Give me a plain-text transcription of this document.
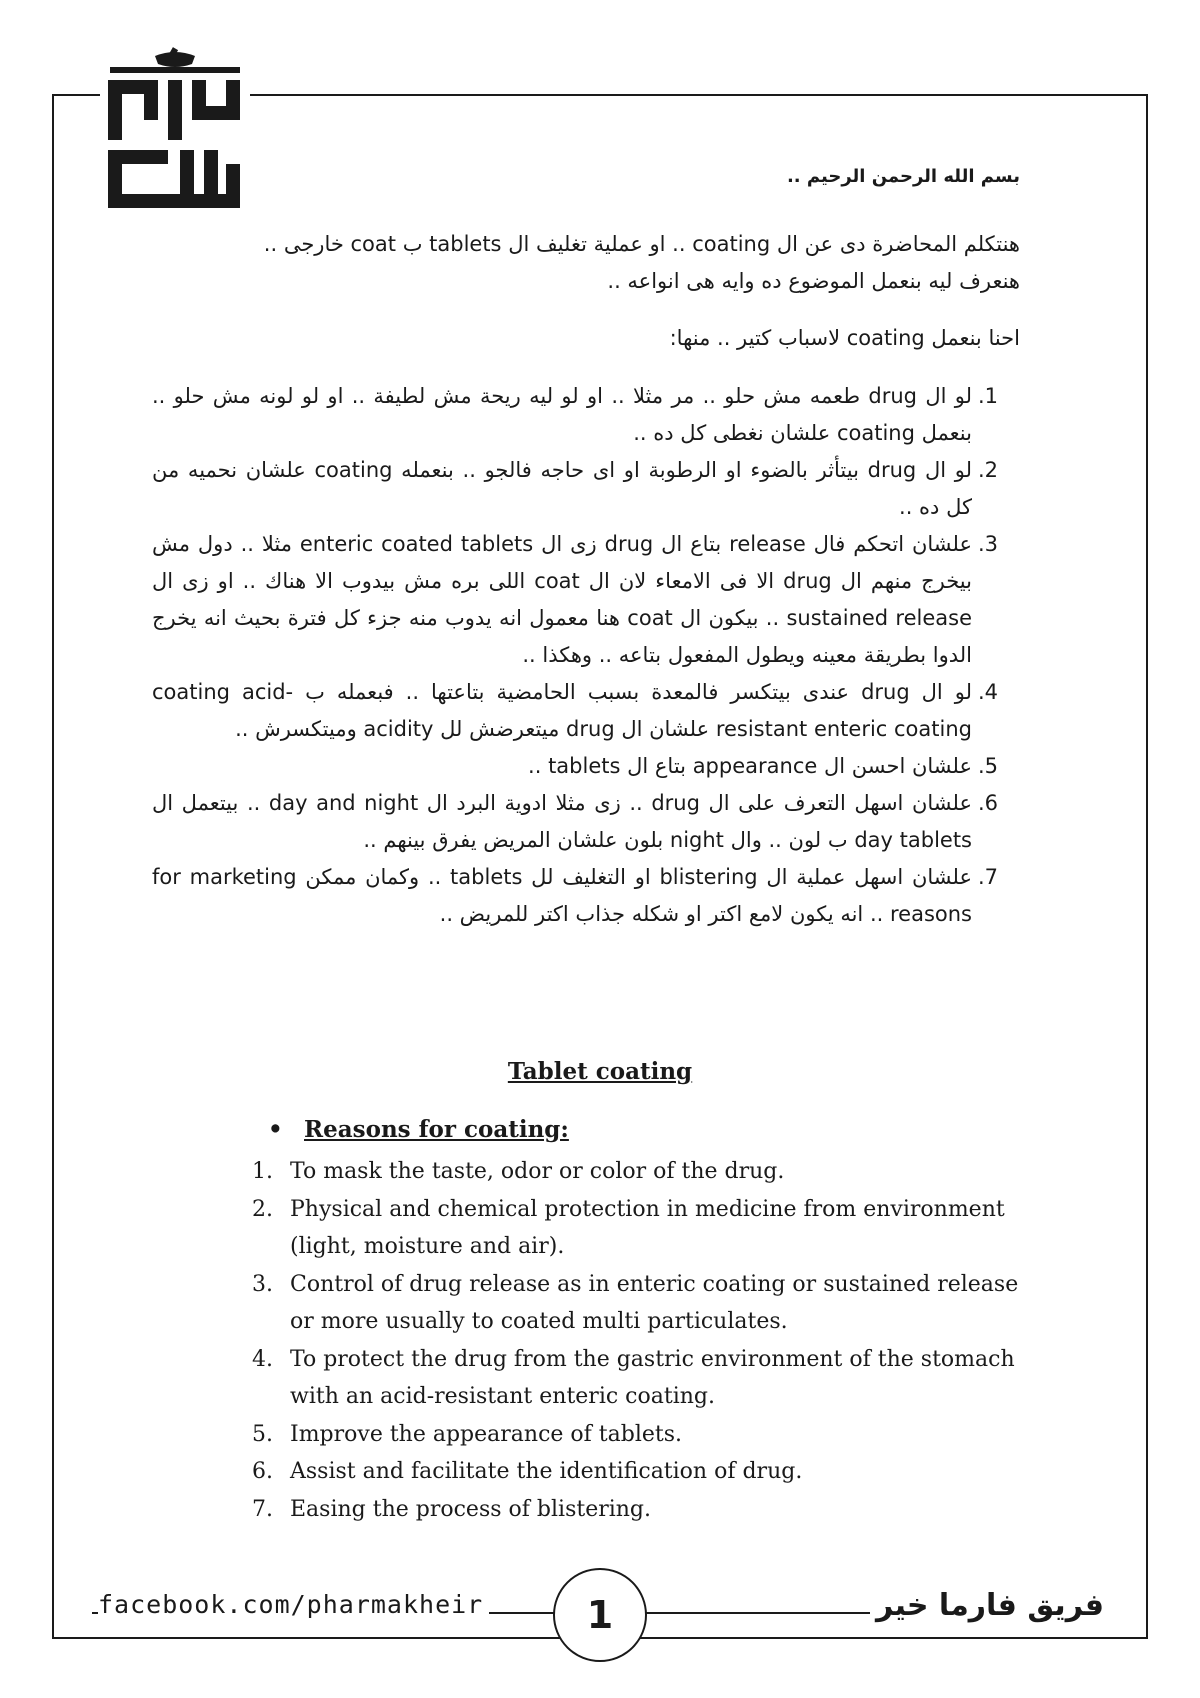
بسم الله الرحمن الرحيم ..
هنتكلم المحاضرة دى عن ال coating .. او عملية تغليف ال tablets ب coat خارجى ..
هنعرف ليه بنعمل الموضوع ده وايه هى انواعه ..
احنا بنعمل coating لاسباب كتير .. منها:
.1
لو ال drug طعمه مش حلو .. مر مثلا .. او لو ليه ريحة مش لطيفة .. او لو لونه مش حلو .. بنعمل coating علشان نغطى كل ده ..
.2
لو ال drug بيتأثر بالضوء او الرطوبة او اى حاجه فالجو .. بنعمله coating علشان نحميه من كل ده ..
.3
علشان اتحكم فال release بتاع ال drug زى ال enteric coated tablets مثلا .. دول مش بيخرج منهم ال drug الا فى الامعاء لان ال coat اللى بره مش بيدوب الا هناك .. او زى ال sustained release .. بيكون ال coat هنا معمول انه يدوب منه جزء كل فترة بحيث انه يخرج الدوا بطريقة معينه ويطول المفعول بتاعه .. وهكذا ..
.4
لو ال drug عندى بيتكسر فالمعدة بسبب الحامضية بتاعتها .. فبعمله ب coating acid-resistant enteric coating علشان ال drug ميتعرضش لل acidity وميتكسرش ..
.5
علشان احسن ال appearance بتاع ال tablets ..
.6
علشان اسهل التعرف على ال drug .. زى مثلا ادوية البرد ال day and night .. بيتعمل ال day tablets ب لون .. وال night بلون علشان المريض يفرق بينهم ..
.7
علشان اسهل عملية ال blistering او التغليف لل tablets .. وكمان ممكن for marketing reasons .. انه يكون لامع اكتر او شكله جذاب اكتر للمريض ..
Tablet coating
• Reasons for coating:
1. To mask the taste, odor or color of the drug.
2. Physical and chemical protection in medicine from environment (light, moisture and air).
3. Control of drug release as in enteric coating or sustained release or more usually to coated multi particulates.
4. To protect the drug from the gastric environment of the stomach with an acid-resistant enteric coating.
5. Improve the appearance of tablets.
6. Assist and facilitate the identification of drug.
7. Easing the process of blistering.
facebook.com/pharmakheir	1	فريق فارما خير
